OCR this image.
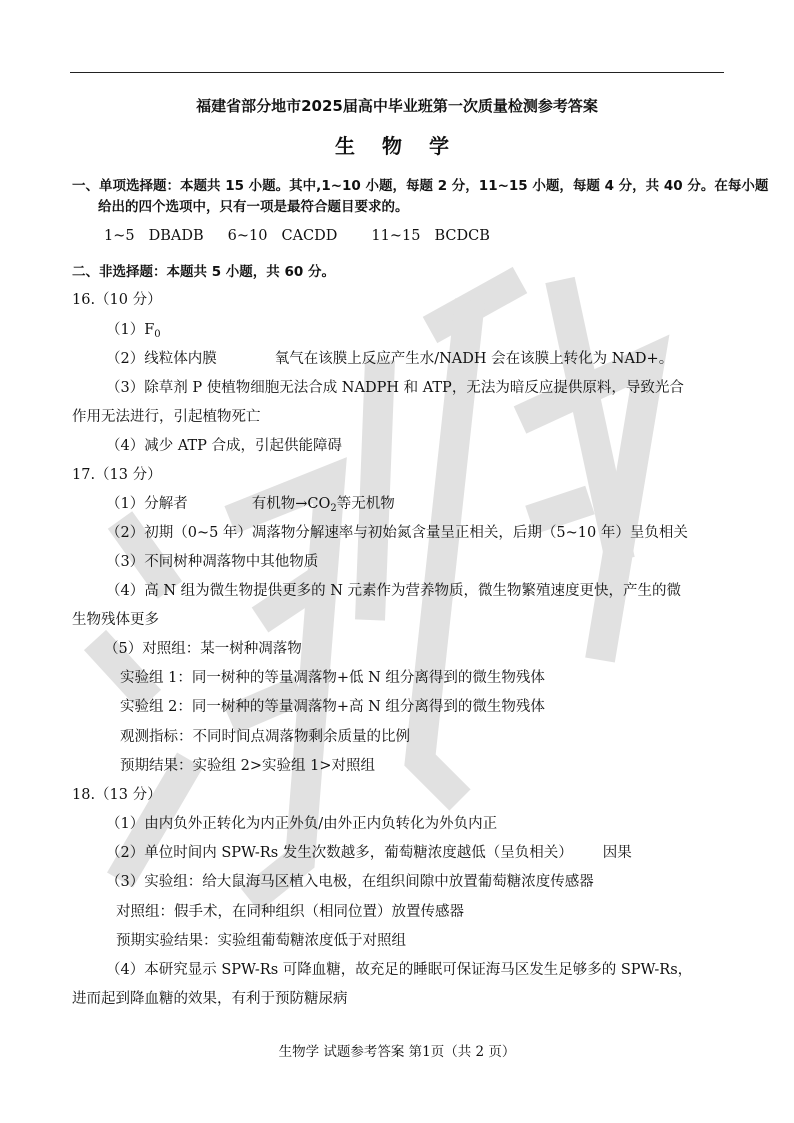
福建省部分地市2025届高中毕业班第一次质量检测参考答案
生 物 学
一、单项选择题：本题共 15 小题。其中,1~10 小题，每题 2 分，11~15 小题，每题 4 分，共 40 分。在每小题
给出的四个选项中，只有一项是最符合题目要求的。
1~5 DBADB 6~10 CACDD 11~15 BCDCB
二、非选择题：本题共 5 小题，共 60 分。
16.（10 分）
$(1)F_0$
（2）线粒体内膜	氧气在该膜上反应产生水/NADH 会在该膜上转化为 NAD+。
（3）除草剂 P 使植物细胞无法合成 NADPH 和 ATP，无法为暗反应提供原料，导致光合
作用无法进行，引起植物死亡
（4）减少 ATP 合成，引起供能障碍
17.（13 分）
（1）分解者	有机物$\to CO_2$等无机物
（2）初期（0~5 年）凋落物分解速率与初始氮含量呈正相关，后期（5~10 年）呈负相关
（3）不同树种凋落物中其他物质
（4）高 N 组为微生物提供更多的 N 元素作为营养物质，微生物繁殖速度更快，产生的微
生物残体更多
（5）对照组：某一树种凋落物
实验组 1：同一树种的等量凋落物+低 N 组分离得到的微生物残体
实验组 2：同一树种的等量凋落物+高 N 组分离得到的微生物残体
观测指标：不同时间点凋落物剩余质量的比例
预期结果：实验组 2>实验组 1>对照组
18.（13 分）
（1）由内负外正转化为内正外负/由外正内负转化为外负内正
（2）单位时间内 SPW-Rs 发生次数越多，葡萄糖浓度越低（呈负相关） 因果
（3）实验组：给大鼠海马区植入电极，在组织间隙中放置葡萄糖浓度传感器
对照组：假手术，在同种组织（相同位置）放置传感器
预期实验结果：实验组葡萄糖浓度低于对照组
（4）本研究显示 SPW-Rs 可降血糖，故充足的睡眠可保证海马区发生足够多的 SPW-Rs，
进而起到降血糖的效果，有利于预防糖尿病
生物学 试题参考答案 第1页（共 2 页）
